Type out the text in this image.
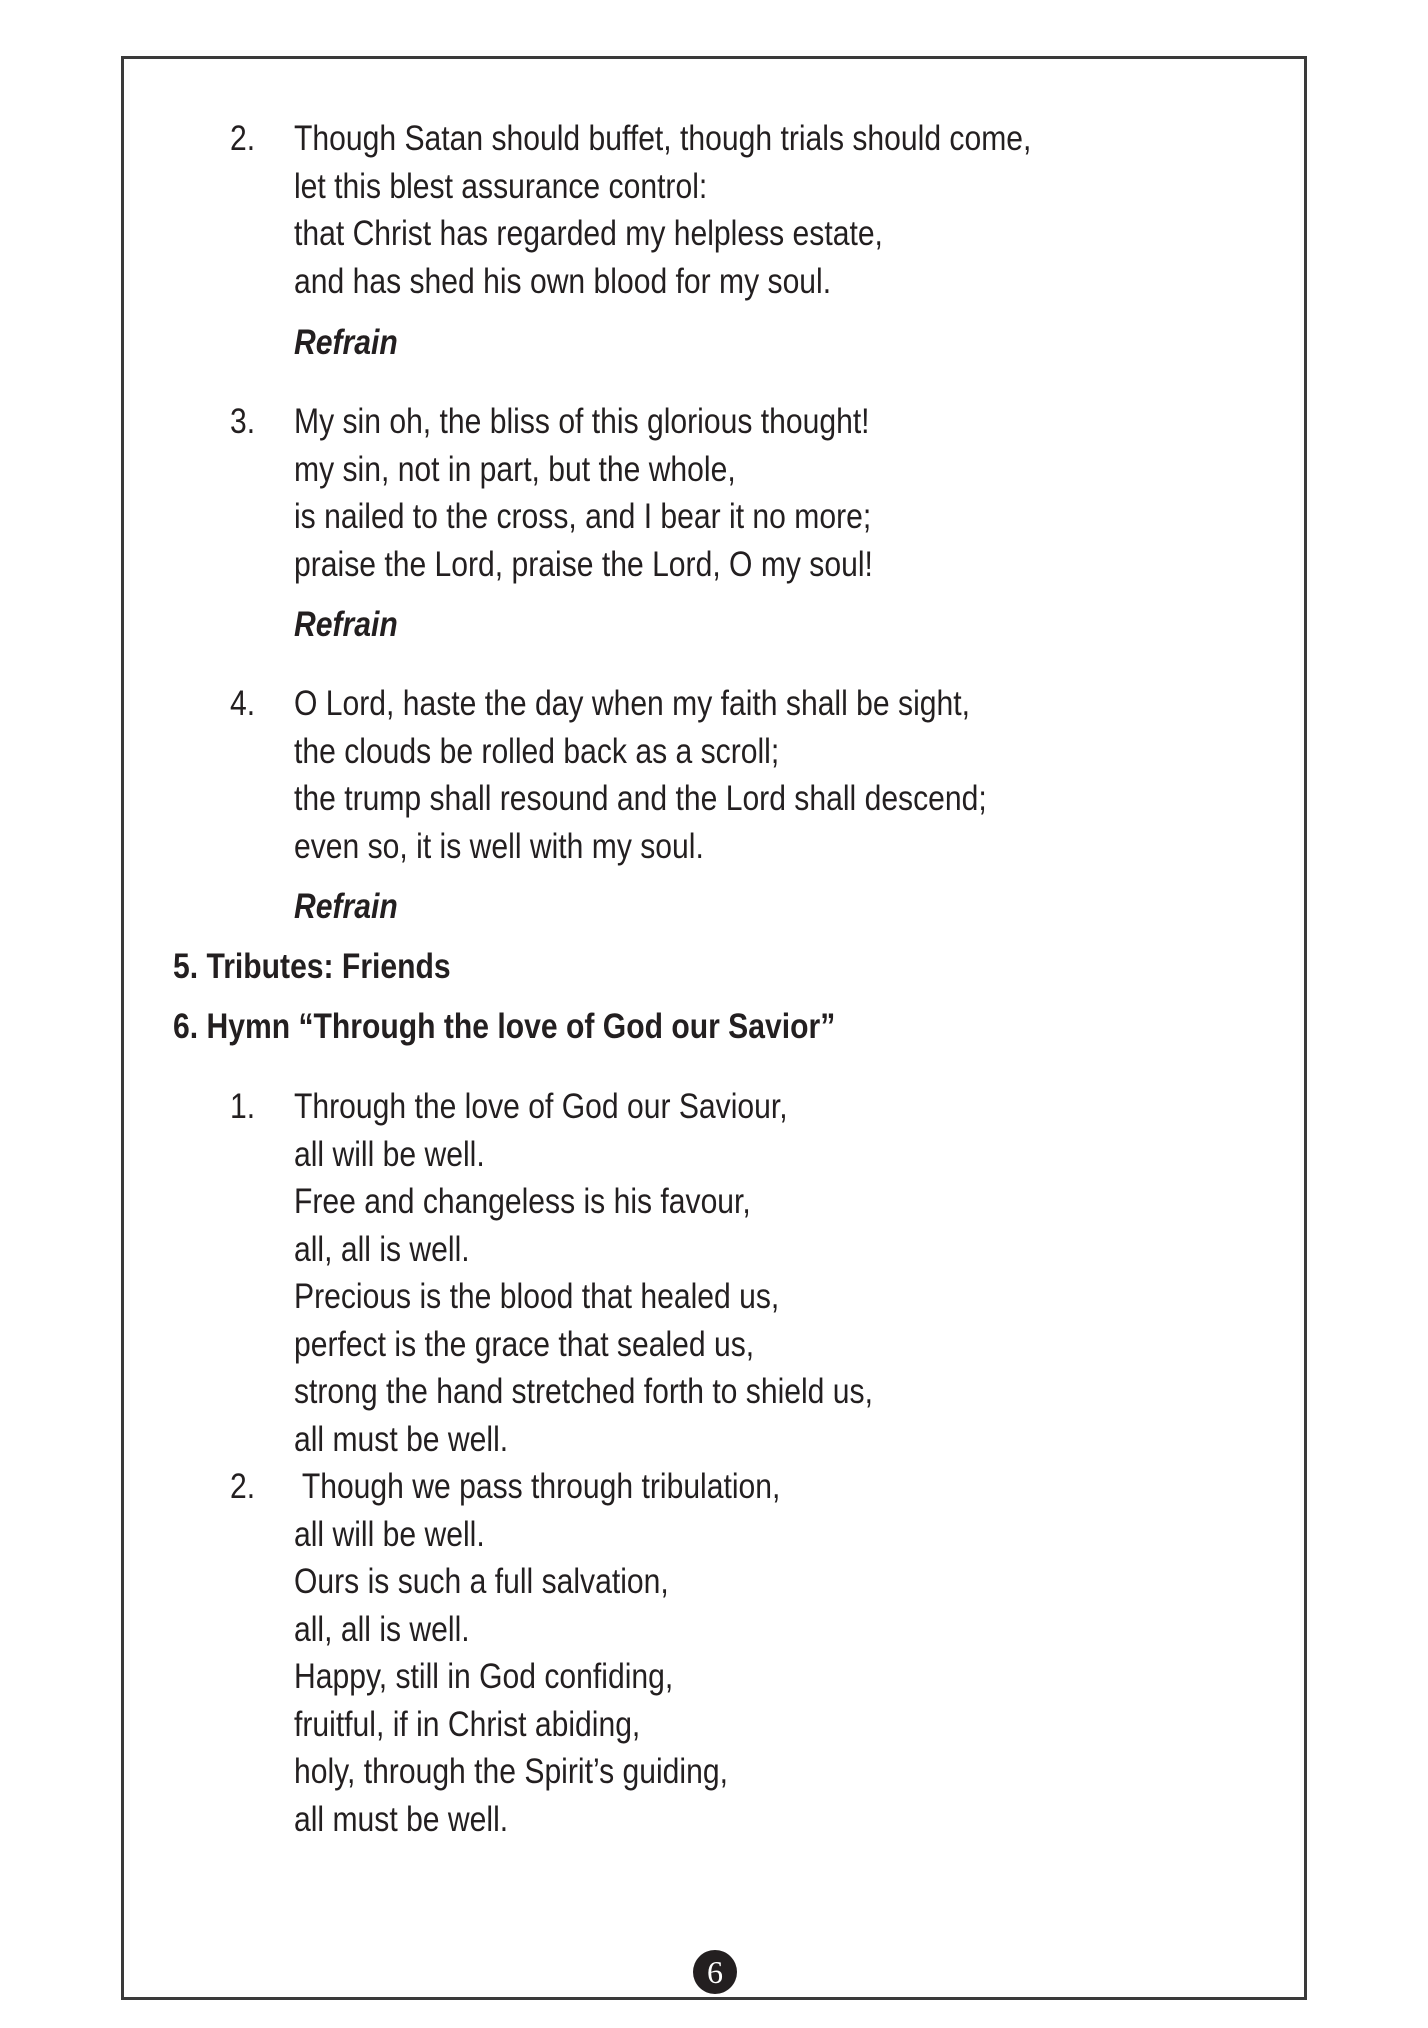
2. Though Satan should buffet, though trials should come,
let this blest assurance control:
that Christ has regarded my helpless estate,
and has shed his own blood for my soul.
Refrain
3. My sin oh, the bliss of this glorious thought!
my sin, not in part, but the whole,
is nailed to the cross, and I bear it no more;
praise the Lord, praise the Lord, O my soul!
Refrain
4. O Lord, haste the day when my faith shall be sight,
the clouds be rolled back as a scroll;
the trump shall resound and the Lord shall descend;
even so, it is well with my soul.
Refrain
5. Tributes: Friends
6. Hymn “Through the love of God our Savior”
1. Through the love of God our Saviour,
all will be well.
Free and changeless is his favour,
all, all is well.
Precious is the blood that healed us,
perfect is the grace that sealed us,
strong the hand stretched forth to shield us,
all must be well.
2. Though we pass through tribulation,
all will be well.
Ours is such a full salvation,
all, all is well.
Happy, still in God confiding,
fruitful, if in Christ abiding,
holy, through the Spirit’s guiding,
all must be well.
6
